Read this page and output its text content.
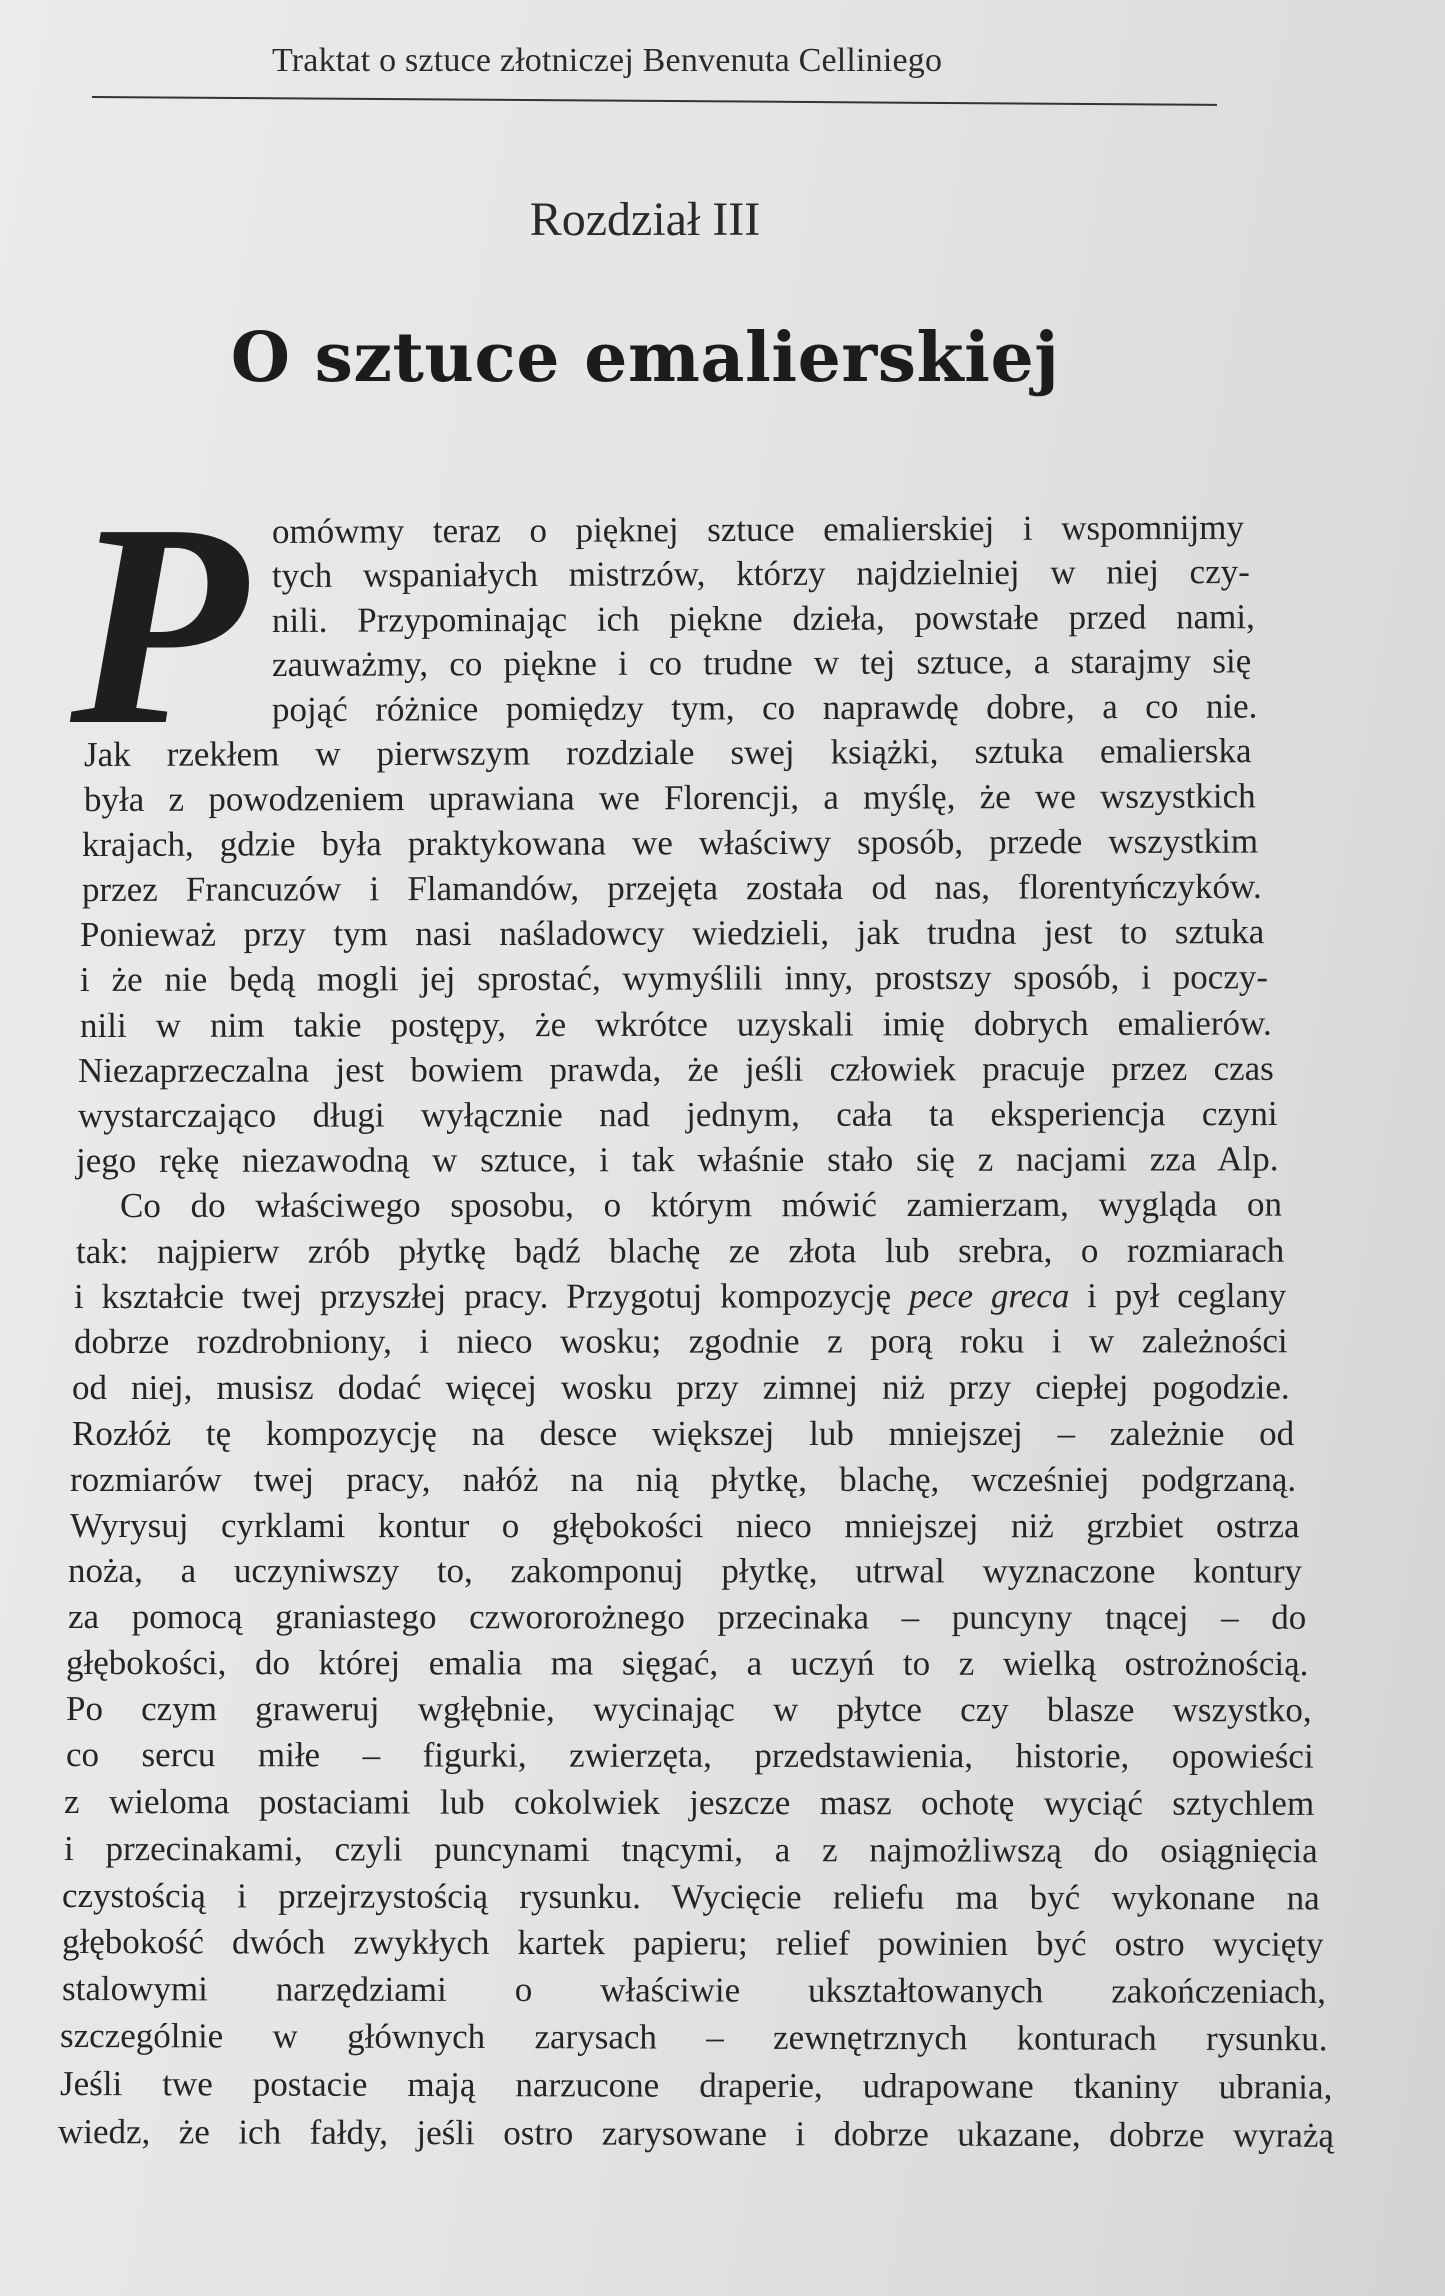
Traktat o sztuce złotniczej Benvenuta Celliniego
Rozdział III
O sztuce emalierskiej
P omówmy teraz o pięknej sztuce emalierskiej i wspomnijmy
tych wspaniałych mistrzów, którzy najdzielniej w niej czy-
nili. Przypominając ich piękne dzieła, powstałe przed nami,
zauważmy, co piękne i co trudne w tej sztuce, a starajmy się
pojąć różnice pomiędzy tym, co naprawdę dobre, a co nie.
Jak rzekłem w pierwszym rozdziale swej książki, sztuka emalierska
była z powodzeniem uprawiana we Florencji, a myślę, że we wszystkich
krajach, gdzie była praktykowana we właściwy sposób, przede wszystkim
przez Francuzów i Flamandów, przejęta została od nas, florentyńczyków.
Ponieważ przy tym nasi naśladowcy wiedzieli, jak trudna jest to sztuka
i że nie będą mogli jej sprostać, wymyślili inny, prostszy sposób, i poczy-
nili w nim takie postępy, że wkrótce uzyskali imię dobrych emalierów.
Niezaprzeczalna jest bowiem prawda, że jeśli człowiek pracuje przez czas
wystarczająco długi wyłącznie nad jednym, cała ta eksperiencja czyni
jego rękę niezawodną w sztuce, i tak właśnie stało się z nacjami zza Alp.
Co do właściwego sposobu, o którym mówić zamierzam, wygląda on
tak: najpierw zrób płytkę bądź blachę ze złota lub srebra, o rozmiarach
i kształcie twej przyszłej pracy. Przygotuj kompozycję pece greca i pył ceglany
dobrze rozdrobniony, i nieco wosku; zgodnie z porą roku i w zależności
od niej, musisz dodać więcej wosku przy zimnej niż przy ciepłej pogodzie.
Rozłóż tę kompozycję na desce większej lub mniejszej – zależnie od
rozmiarów twej pracy, nałóż na nią płytkę, blachę, wcześniej podgrzaną.
Wyrysuj cyrklami kontur o głębokości nieco mniejszej niż grzbiet ostrza
noża, a uczyniwszy to, zakomponuj płytkę, utrwal wyznaczone kontury
za pomocą graniastego czwororożnego przecinaka – puncyny tnącej – do
głębokości, do której emalia ma sięgać, a uczyń to z wielką ostrożnością.
Po czym graweruj wgłębnie, wycinając w płytce czy blasze wszystko,
co sercu miłe – figurki, zwierzęta, przedstawienia, historie, opowieści
z wieloma postaciami lub cokolwiek jeszcze masz ochotę wyciąć sztychlem
i przecinakami, czyli puncynami tnącymi, a z najmożliwszą do osiągnięcia
czystością i przejrzystością rysunku. Wycięcie reliefu ma być wykonane na
głębokość dwóch zwykłych kartek papieru; relief powinien być ostro wycięty
stalowymi narzędziami o właściwie ukształtowanych zakończeniach,
szczególnie w głównych zarysach – zewnętrznych konturach rysunku.
Jeśli twe postacie mają narzucone draperie, udrapowane tkaniny ubrania,
wiedz, że ich fałdy, jeśli ostro zarysowane i dobrze ukazane, dobrze wyrażą
